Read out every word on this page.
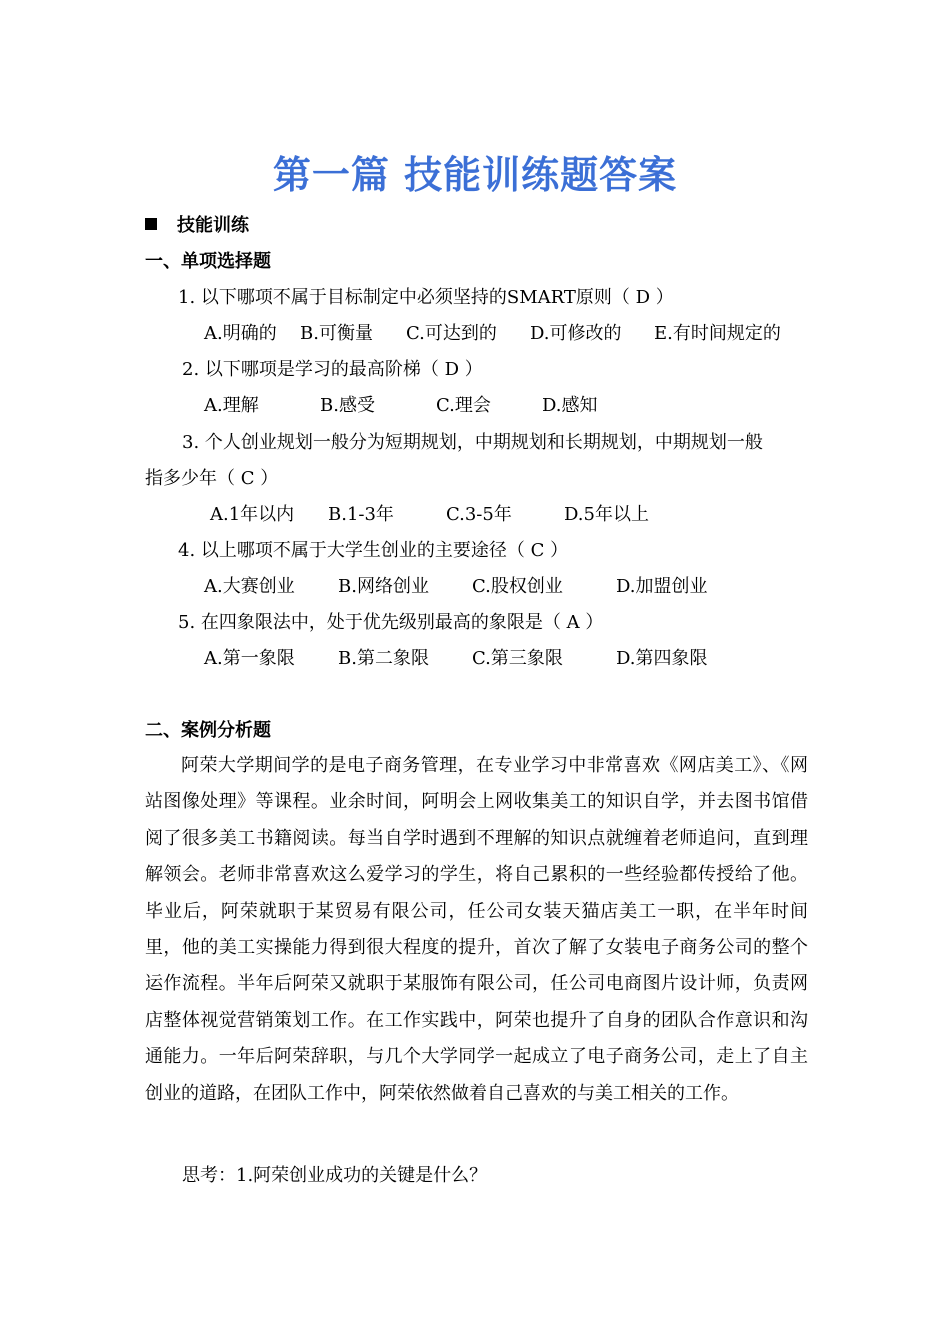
第一篇 技能训练题答案
技能训练
一、单项选择题
1. 以下哪项不属于目标制定中必须坚持的SMART原则（ D ）
A.明确的 B.可衡量 C.可达到的 D.可修改的 E.有时间规定的
2. 以下哪项是学习的最高阶梯（ D ）
A.理解	B.感受	C.理会	D.感知
3. 个人创业规划一般分为短期规划，中期规划和长期规划，中期规划一般
指多少年（ C ）
A.1年以内 B.1-3年	C.3-5年	D.5年以上
4. 以上哪项不属于大学生创业的主要途径（ C ）
A.大赛创业 B.网络创业 C.股权创业	D.加盟创业
5. 在四象限法中，处于优先级别最高的象限是（ A ）
A.第一象限 B.第二象限 C.第三象限	D.第四象限
二、案例分析题
阿荣大学期间学的是电子商务管理，在专业学习中非常喜欢《网店美工》、《网站图像处理》等课程。业余时间，阿明会上网收集美工的知识自学，并去图书馆借阅了很多美工书籍阅读。每当自学时遇到不理解的知识点就缠着老师追问，直到理解领会。老师非常喜欢这么爱学习的学生，将自己累积的一些经验都传授给了他。毕业后，阿荣就职于某贸易有限公司，任公司女装天猫店美工一职，在半年时间里，他的美工实操能力得到很大程度的提升，首次了解了女装电子商务公司的整个运作流程。半年后阿荣又就职于某服饰有限公司，任公司电商图片设计师，负责网店整体视觉营销策划工作。在工作实践中，阿荣也提升了自身的团队合作意识和沟通能力。一年后阿荣辞职，与几个大学同学一起成立了电子商务公司，走上了自主创业的道路，在团队工作中，阿荣依然做着自己喜欢的与美工相关的工作。
思考：1.阿荣创业成功的关键是什么？
